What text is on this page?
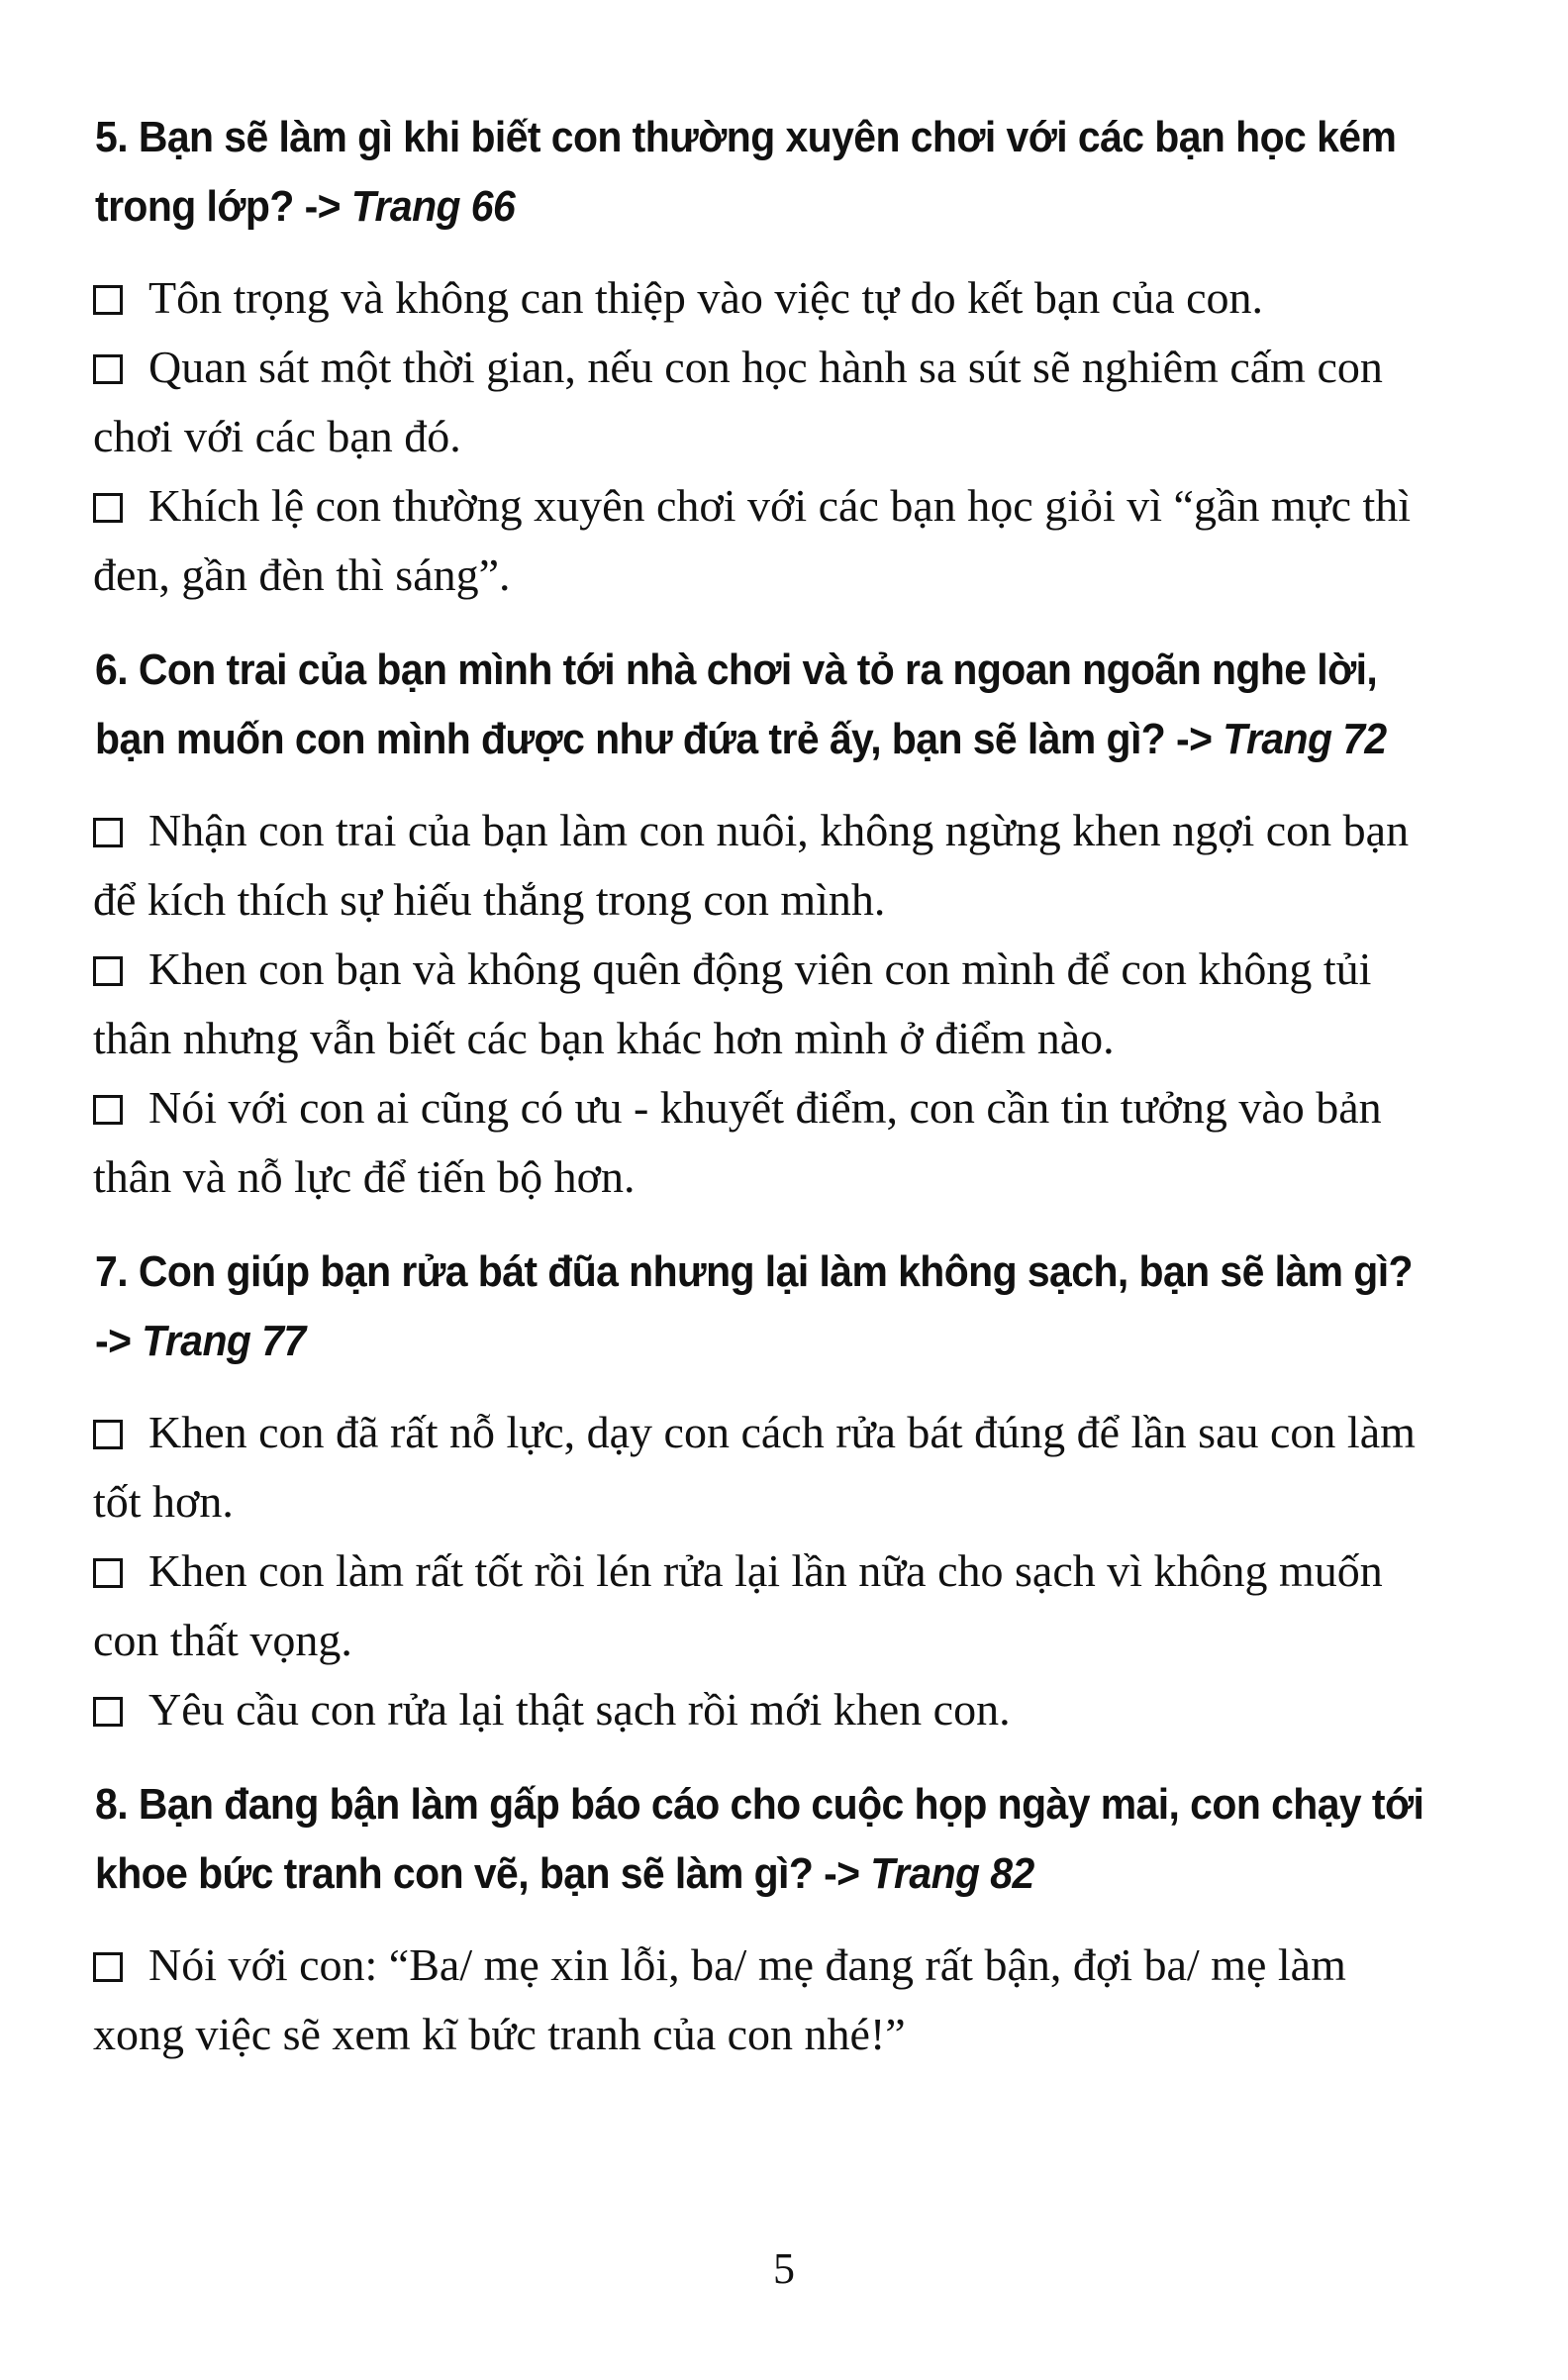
5. Bạn sẽ làm gì khi biết con thường xuyên chơi với các bạn học kém trong lớp? -> Trang 66
Tôn trọng và không can thiệp vào việc tự do kết bạn của con.
Quan sát một thời gian, nếu con học hành sa sút sẽ nghiêm cấm con chơi với các bạn đó.
Khích lệ con thường xuyên chơi với các bạn học giỏi vì “gần mực thì đen, gần đèn thì sáng”.
6. Con trai của bạn mình tới nhà chơi và tỏ ra ngoan ngoãn nghe lời, bạn muốn con mình được như đứa trẻ ấy, bạn sẽ làm gì? -> Trang 72
Nhận con trai của bạn làm con nuôi, không ngừng khen ngợi con bạn để kích thích sự hiếu thắng trong con mình.
Khen con bạn và không quên động viên con mình để con không tủi thân nhưng vẫn biết các bạn khác hơn mình ở điểm nào.
Nói với con ai cũng có ưu - khuyết điểm, con cần tin tưởng vào bản thân và nỗ lực để tiến bộ hơn.
7. Con giúp bạn rửa bát đũa nhưng lại làm không sạch, bạn sẽ làm gì? -> Trang 77
Khen con đã rất nỗ lực, dạy con cách rửa bát đúng để lần sau con làm tốt hơn.
Khen con làm rất tốt rồi lén rửa lại lần nữa cho sạch vì không muốn con thất vọng.
Yêu cầu con rửa lại thật sạch rồi mới khen con.
8. Bạn đang bận làm gấp báo cáo cho cuộc họp ngày mai, con chạy tới khoe bức tranh con vẽ, bạn sẽ làm gì? -> Trang 82
Nói với con: “Ba/ mẹ xin lỗi, ba/ mẹ đang rất bận, đợi ba/ mẹ làm xong việc sẽ xem kĩ bức tranh của con nhé!”
5
